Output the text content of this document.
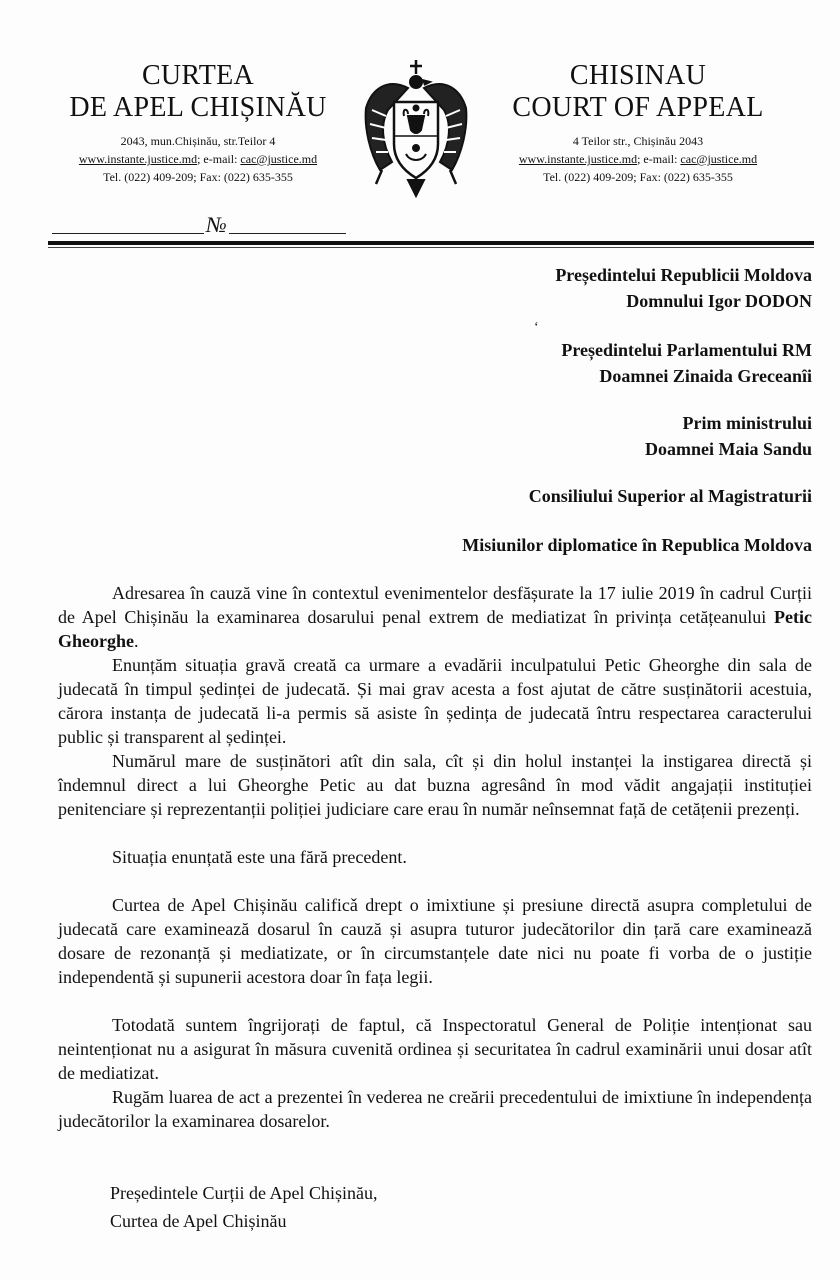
CURTEA
DE APEL CHIȘINĂU
2043, mun.Chișinău, str.Teilor 4
www.instante.justice.md; e-mail: cac@justice.md
Tel. (022) 409-209; Fax: (022) 635-355
CHISINAU
COURT OF APPEAL
4 Teilor str., Chișinău 2043
www.instante.justice.md; e-mail: cac@justice.md
Tel. (022) 409-209; Fax: (022) 635-355
№
Președintelui Republicii Moldova
Domnului Igor DODON
‘
Președintelui Parlamentului RM
Doamnei Zinaida Greceanîi
Prim ministrului
Doamnei Maia Sandu
Consiliului Superior al Magistraturii
Misiunilor diplomatice în Republica Moldova

Adresarea în cauză vine în contextul evenimentelor desfășurate la 17 iulie 2019 în cadrul Curții de Apel Chișinău la examinarea dosarului penal extrem de mediatizat în privința cetățeanului Petic Gheorghe.

Enunțăm situația gravă creată ca urmare a evadării inculpatului Petic Gheorghe din sala de judecată în timpul ședinței de judecată. Și mai grav acesta a fost ajutat de către susținătorii acestuia, cărora instanța de judecată li-a permis să asiste în ședința de judecată întru respectarea caracterului public și transparent al ședinței.

Numărul mare de susținători atît din sala, cît și din holul instanței la instigarea directă și îndemnul direct a lui Gheorghe Petic au dat buzna agresând în mod vădit angajații instituției penitenciare și reprezentanții poliției judiciare care erau în număr neînsemnat față de cetățenii prezenți.

Situația enunțată este una fără precedent.

Curtea de Apel Chișinău calificǎ drept o imixtiune și presiune directă asupra completului de judecată care examinează dosarul în cauză și asupra tuturor judecătorilor din țară care examinează dosare de rezonanță și mediatizate, or în circumstanțele date nici nu poate fi vorba de o justiție independentă și supunerii acestora doar în fața legii.

Totodată suntem îngrijorați de faptul, că Inspectoratul General de Poliție intenționat sau neintenționat nu a asigurat în măsura cuvenită ordinea și securitatea în cadrul examinării unui dosar atît de mediatizat.

Rugăm luarea de act a prezentei în vederea ne creării precedentului de imixtiune în independența judecătorilor la examinarea dosarelor.

Președintele Curții de Apel Chișinău,
Curtea de Apel Chișinău
